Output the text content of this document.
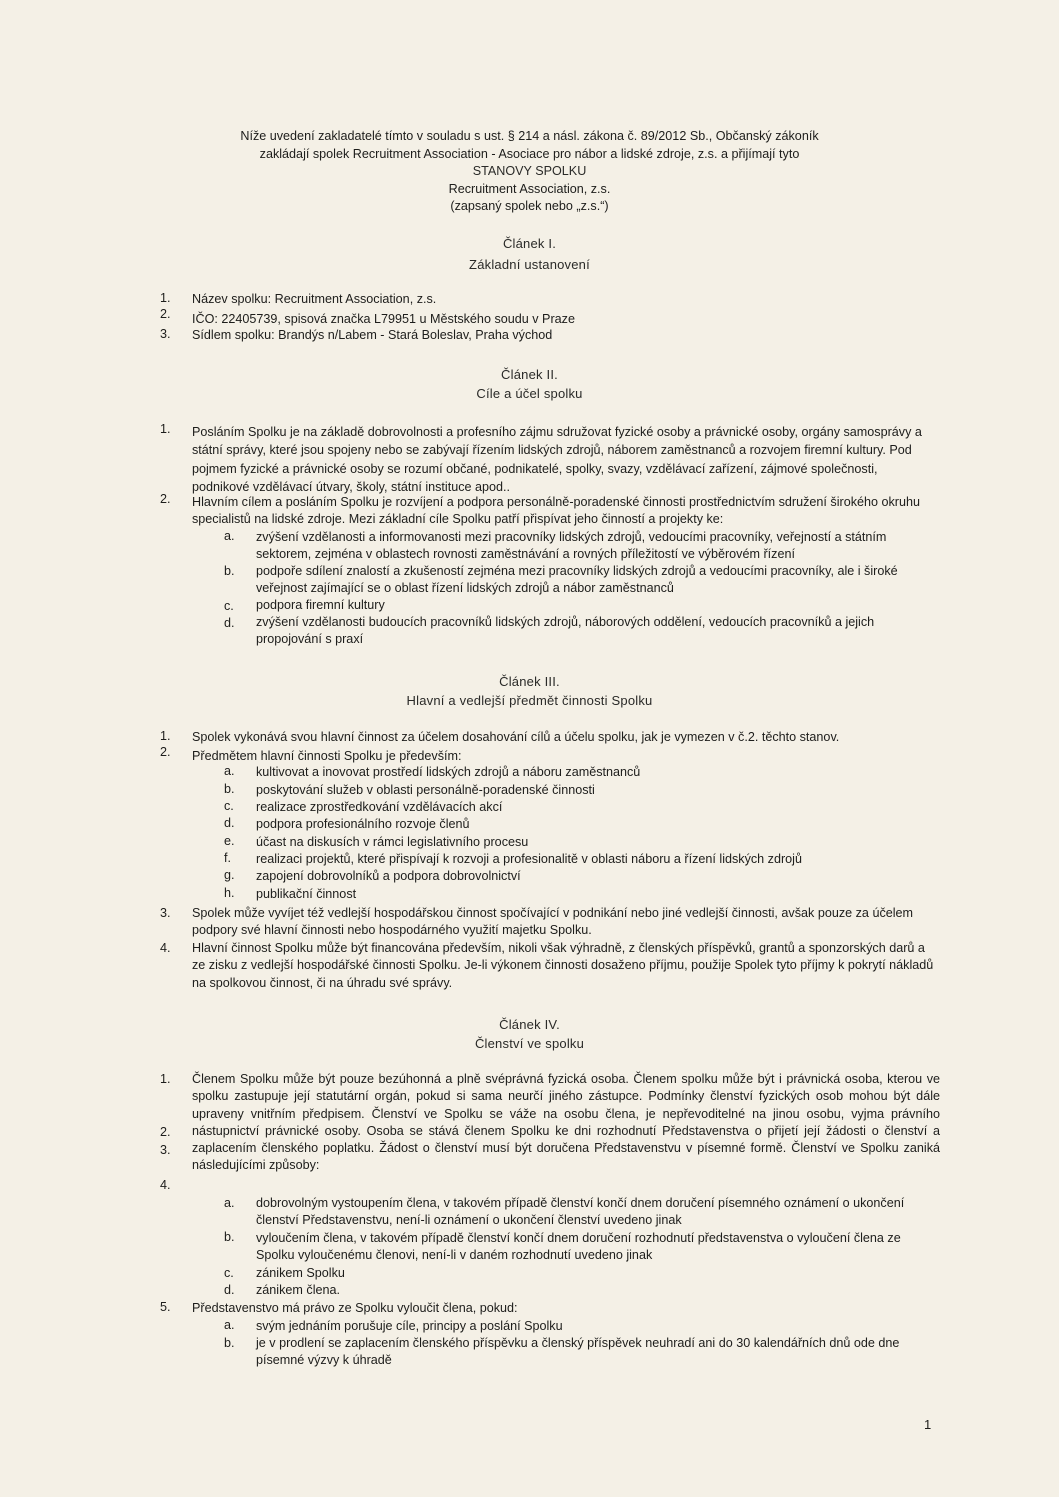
Níže uvedení zakladatelé tímto v souladu s ust. § 214 a násl. zákona č. 89/2012 Sb., Občanský zákoník
zakládají spolek Recruitment Association - Asociace pro nábor a lidské zdroje, z.s. a přijímají tyto
STANOVY SPOLKU
Recruitment Association, z.s.
(zapsaný spolek nebo „z.s.“)
Článek I.
Základní ustanovení
1. Název spolku: Recruitment Association, z.s.
2. IČO: 22405739, spisová značka L79951 u Městského soudu v Praze
3. Sídlem spolku: Brandýs n/Labem - Stará Boleslav, Praha východ
Článek II.
Cíle a účel spolku
1. Posláním Spolku je na základě dobrovolnosti a profesního zájmu sdružovat fyzické osoby a právnické osoby, orgány samosprávy a státní správy, které jsou spojeny nebo se zabývají řízením lidských zdrojů, náborem zaměstnanců a rozvojem firemní kultury. Pod pojmem fyzické a právnické osoby se rozumí občané, podnikatelé, spolky, svazy, vzdělávací zařízení, zájmové společnosti, podnikové vzdělávací útvary, školy, státní instituce apod..
2. Hlavním cílem a posláním Spolku je rozvíjení a podpora personálně-poradenské činnosti prostřednictvím sdružení širokého okruhu specialistů na lidské zdroje. Mezi základní cíle Spolku patří přispívat jeho činností a projekty ke:
a. zvýšení vzdělanosti a informovanosti mezi pracovníky lidských zdrojů, vedoucími pracovníky, veřejností a státním sektorem, zejména v oblastech rovnosti zaměstnávání a rovných příležitostí ve výběrovém řízení
b. podpoře sdílení znalostí a zkušeností zejména mezi pracovníky lidských zdrojů a vedoucími pracovníky, ale i široké veřejnost zajímající se o oblast řízení lidských zdrojů a nábor zaměstnanců
c. podpora firemní kultury
d. zvýšení vzdělanosti budoucích pracovníků lidských zdrojů, náborových oddělení, vedoucích pracovníků a jejich propojování s praxí
Článek III.
Hlavní a vedlejší předmět činnosti Spolku
1. Spolek vykonává svou hlavní činnost za účelem dosahování cílů a účelu spolku, jak je vymezen v č.2. těchto stanov.
2. Předmětem hlavní činnosti Spolku je především:
a. kultivovat a inovovat prostředí lidských zdrojů a náboru zaměstnanců
b. poskytování služeb v oblasti personálně-poradenské činnosti
c. realizace zprostředkování vzdělávacích akcí
d. podpora profesionálního rozvoje členů
e. účast na diskusích v rámci legislativního procesu
f. realizaci projektů, které přispívají k rozvoji a profesionalitě v oblasti náboru a řízení lidských zdrojů
g. zapojení dobrovolníků a podpora dobrovolnictví
h. publikační činnost
3. Spolek může vyvíjet též vedlejší hospodářskou činnost spočívající v podnikání nebo jiné vedlejší činnosti, avšak pouze za účelem podpory své hlavní činnosti nebo hospodárného využití majetku Spolku.
4. Hlavní činnost Spolku může být financována především, nikoli však výhradně, z členských příspěvků, grantů a sponzorských darů a ze zisku z vedlejší hospodářské činnosti Spolku. Je-li výkonem činnosti dosaženo příjmu, použije Spolek tyto příjmy k pokrytí nákladů na spolkovou činnost, či na úhradu své správy.
Článek IV.
Členství ve spolku
1. Členem Spolku může být pouze bezúhonná a plně svéprávná fyzická osoba. Členem spolku může být i právnická osoba, kterou ve spolku zastupuje její statutární orgán, pokud si sama neurčí jiného zástupce. Podmínky členství fyzických osob mohou být dále upraveny vnitřním předpisem. Členství ve Spolku se váže na osobu člena, je nepřevoditelné na jinou osobu, vyjma právního nástupnictví právnické osoby. Osoba se stává členem Spolku ke dni rozhodnutí Představenstva o přijetí její žádosti o členství a zaplacením členského poplatku. Žádost o členství musí být doručena Představenstvu v písemné formě. Členství ve Spolku zaniká následujícími způsoby:
2.
3.
4.
a. dobrovolným vystoupením člena, v takovém případě členství končí dnem doručení písemného oznámení o ukončení členství Představenstvu, není-li oznámení o ukončení členství uvedeno jinak
b. vyloučením člena, v takovém případě členství končí dnem doručení rozhodnutí představenstva o vyloučení člena ze Spolku vyloučenému členovi, není-li v daném rozhodnutí uvedeno jinak
c. zánikem Spolku
d. zánikem člena.
5. Představenstvo má právo ze Spolku vyloučit člena, pokud:
a. svým jednáním porušuje cíle, principy a poslání Spolku
b. je v prodlení se zaplacením členského příspěvku a členský příspěvek neuhradí ani do 30 kalendářních dnů ode dne písemné výzvy k úhradě
1
